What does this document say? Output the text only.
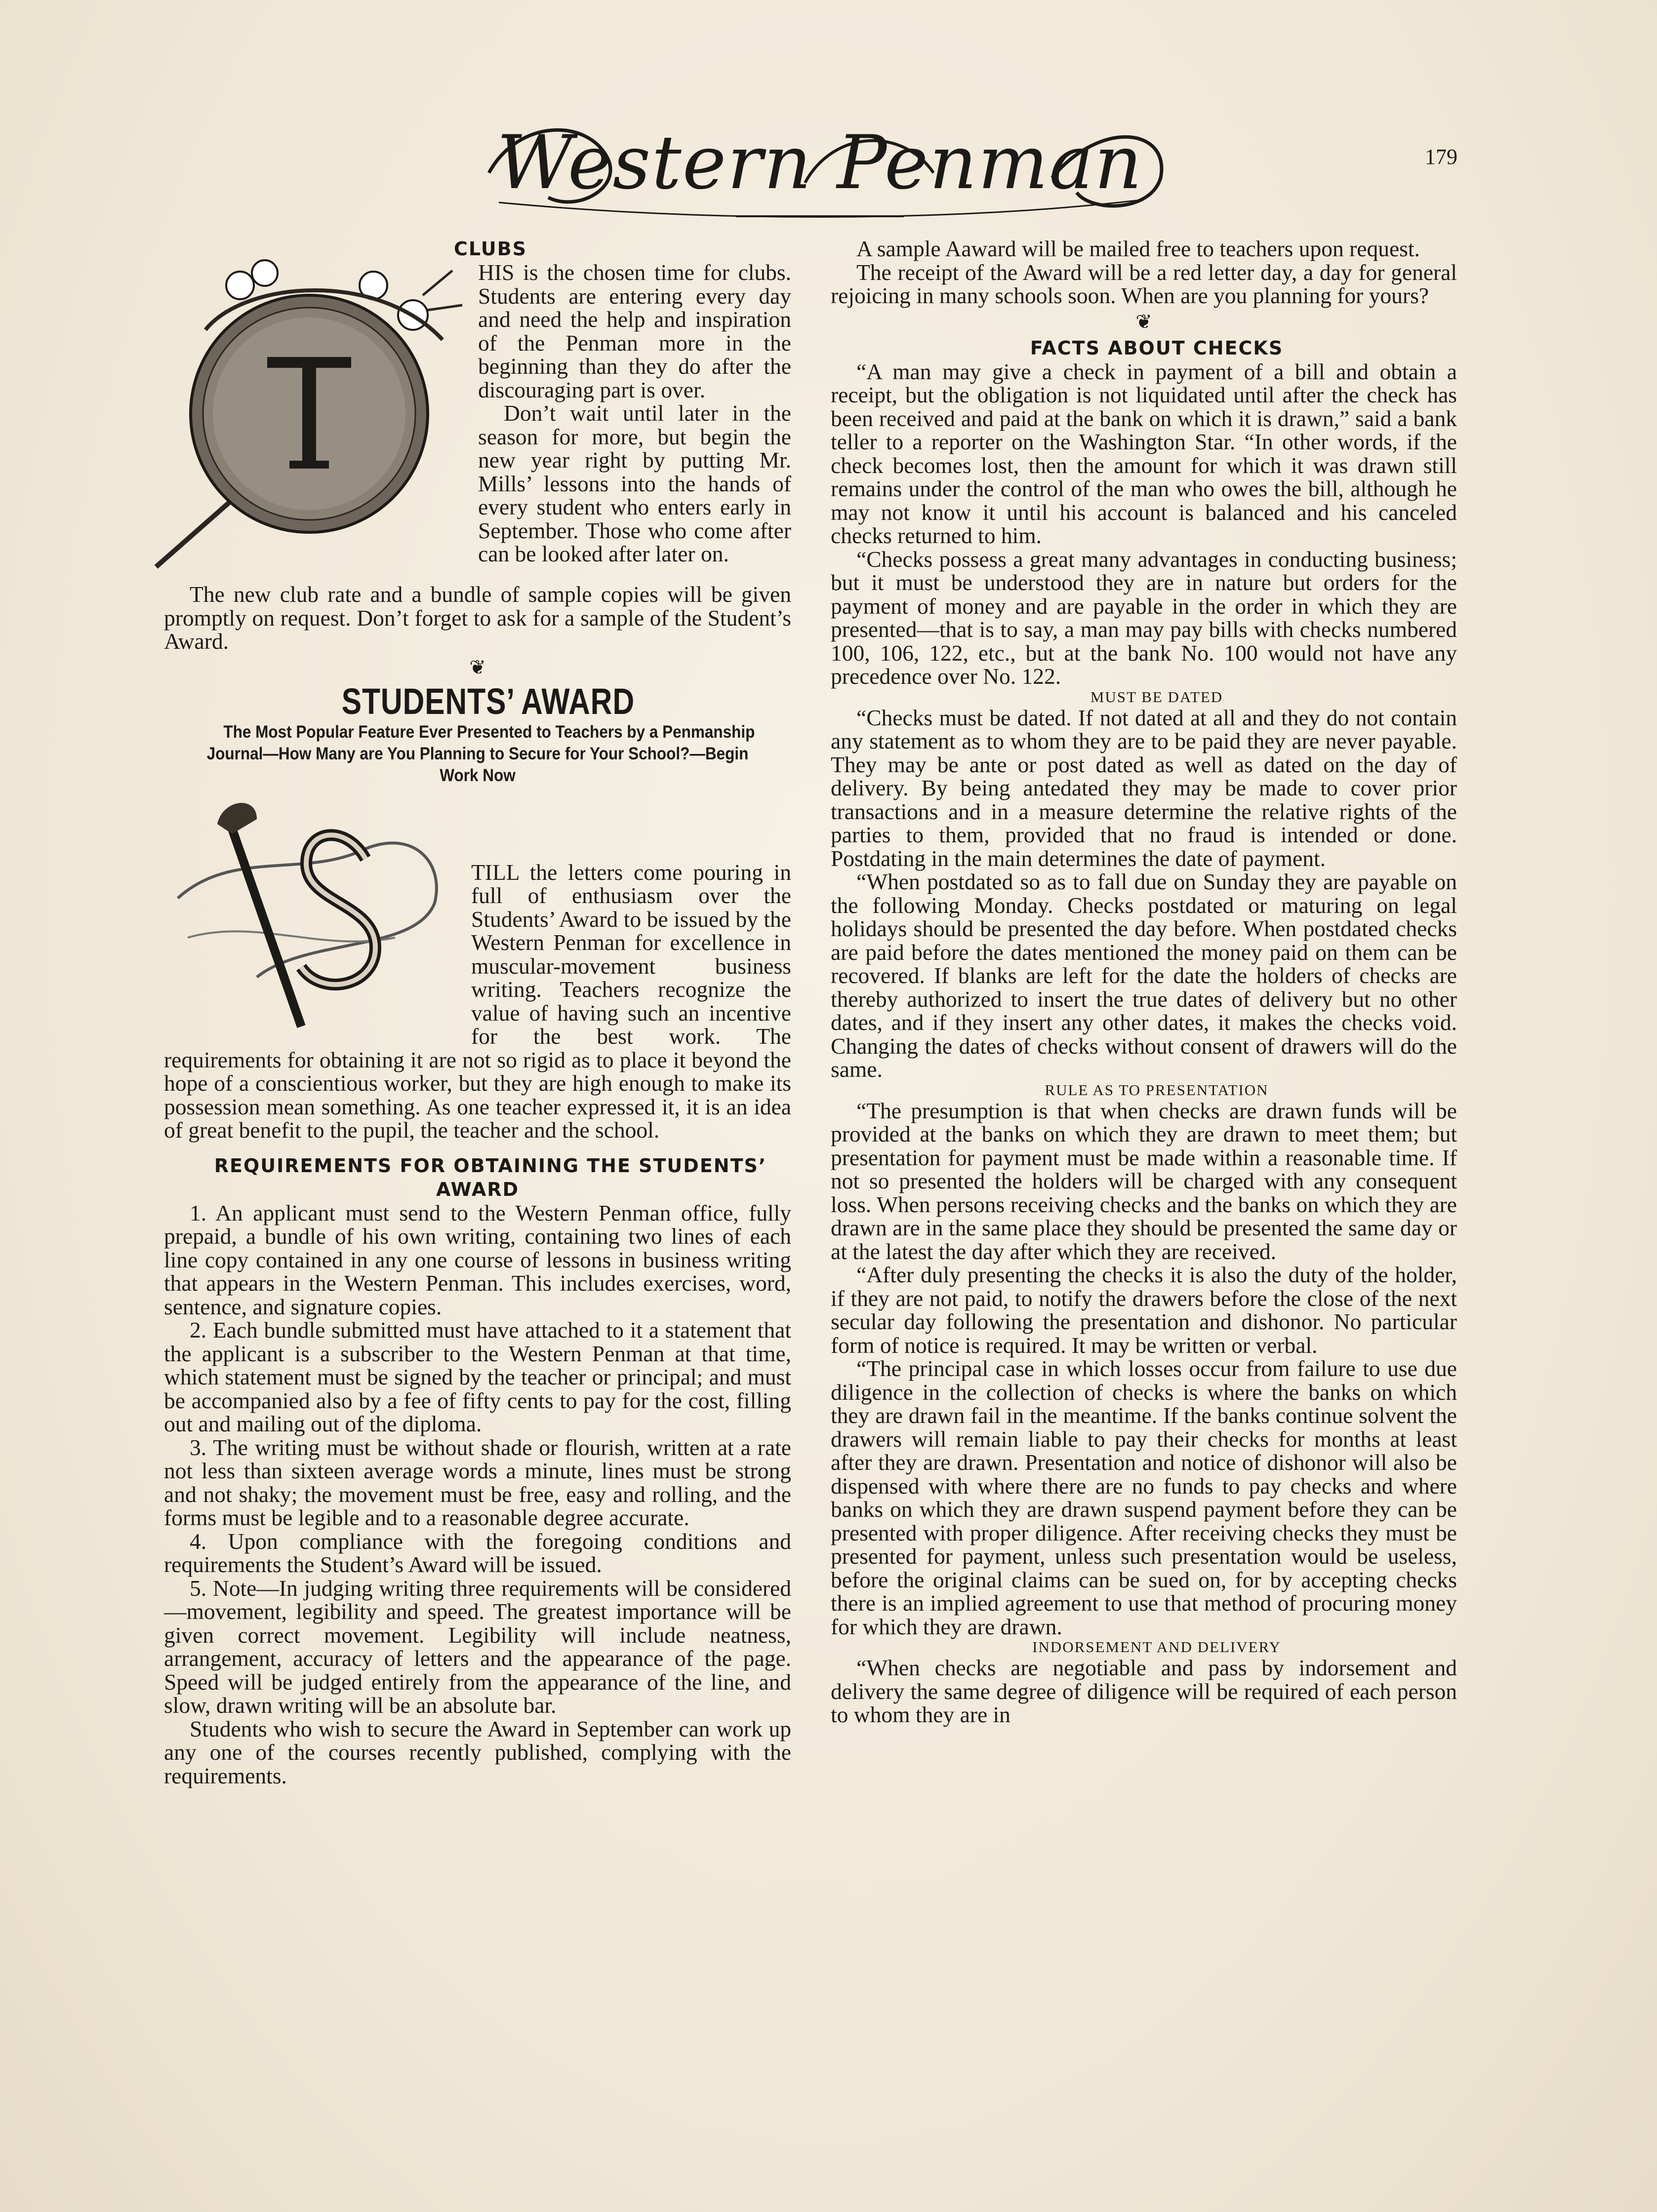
Western Penman	179

CLUBS

HIS is the chosen time for clubs. Students are entering every day and need the help and inspiration of the Penman more in the beginning than they do after the discouraging part is over.

Don’t wait until later in the season for more, but begin the new year right by putting Mr. Mills’ lessons into the hands of every student who enters early in September. Those who come after can be looked after later on.

The new club rate and a bundle of sample copies will be given promptly on request. Don’t forget to ask for a sample of the Student’s Award.

❦

STUDENTS’ AWARD

The Most Popular Feature Ever Presented to Teachers by a Penmanship Journal—How Many are You Planning to Secure for Your School?—Begin Work Now

TILL the letters come pouring in full of enthusiasm over the Students’ Award to be issued by the Western Penman for excellence in muscular-movement business writing. Teachers recognize the value of having such an incentive for the best work. The requirements for obtaining it are not so rigid as to place it beyond the hope of a conscientious worker, but they are high enough to make its possession mean something. As one teacher expressed it, it is an idea of great benefit to the pupil, the teacher and the school.

REQUIREMENTS FOR OBTAINING THE STUDENTS’ AWARD

1. An applicant must send to the Western Penman office, fully prepaid, a bundle of his own writing, containing two lines of each line copy contained in any one course of lessons in business writing that appears in the Western Penman. This includes exercises, word, sentence, and signature copies.

2. Each bundle submitted must have attached to it a statement that the applicant is a subscriber to the Western Penman at that time, which statement must be signed by the teacher or principal; and must be accompanied also by a fee of fifty cents to pay for the cost, filling out and mailing out of the diploma.

3. The writing must be without shade or flourish, written at a rate not less than sixteen average words a minute, lines must be strong and not shaky; the movement must be free, easy and rolling, and the forms must be legible and to a reasonable degree accurate.

4. Upon compliance with the foregoing conditions and requirements the Student’s Award will be issued.

5. Note—In judging writing three requirements will be considered—movement, legibility and speed. The greatest importance will be given correct movement. Legibility will include neatness, arrangement, accuracy of letters and the appearance of the page. Speed will be judged entirely from the appearance of the line, and slow, drawn writing will be an absolute bar.

Students who wish to secure the Award in September can work up any one of the courses recently published, complying with the requirements.

A sample Aaward will be mailed free to teachers upon request.

The receipt of the Award will be a red letter day, a day for general rejoicing in many schools soon. When are you planning for yours?

❦

FACTS ABOUT CHECKS

“A man may give a check in payment of a bill and obtain a receipt, but the obligation is not liquidated until after the check has been received and paid at the bank on which it is drawn,” said a bank teller to a reporter on the Washington Star. “In other words, if the check becomes lost, then the amount for which it was drawn still remains under the control of the man who owes the bill, although he may not know it until his account is balanced and his canceled checks returned to him.

“Checks possess a great many advantages in conducting business; but it must be understood they are in nature but orders for the payment of money and are payable in the order in which they are presented—that is to say, a man may pay bills with checks numbered 100, 106, 122, etc., but at the bank No. 100 would not have any precedence over No. 122.

MUST BE DATED

“Checks must be dated. If not dated at all and they do not contain any statement as to whom they are to be paid they are never payable. They may be ante or post dated as well as dated on the day of delivery. By being antedated they may be made to cover prior transactions and in a measure determine the relative rights of the parties to them, provided that no fraud is intended or done. Postdating in the main determines the date of payment.

“When postdated so as to fall due on Sunday they are payable on the following Monday. Checks postdated or maturing on legal holidays should be presented the day before. When postdated checks are paid before the dates mentioned the money paid on them can be recovered. If blanks are left for the date the holders of checks are thereby authorized to insert the true dates of delivery but no other dates, and if they insert any other dates, it makes the checks void. Changing the dates of checks without consent of drawers will do the same.

RULE AS TO PRESENTATION

“The presumption is that when checks are drawn funds will be provided at the banks on which they are drawn to meet them; but presentation for payment must be made within a reasonable time. If not so presented the holders will be charged with any consequent loss. When persons receiving checks and the banks on which they are drawn are in the same place they should be presented the same day or at the latest the day after which they are received.

“After duly presenting the checks it is also the duty of the holder, if they are not paid, to notify the drawers before the close of the next secular day following the presentation and dishonor. No particular form of notice is required. It may be written or verbal.

“The principal case in which losses occur from failure to use due diligence in the collection of checks is where the banks on which they are drawn fail in the meantime. If the banks continue solvent the drawers will remain liable to pay their checks for months at least after they are drawn. Presentation and notice of dishonor will also be dispensed with where there are no funds to pay checks and where banks on which they are drawn suspend payment before they can be presented with proper diligence. After receiving checks they must be presented for payment, unless such presentation would be useless, before the original claims can be sued on, for by accepting checks there is an implied agreement to use that method of procuring money for which they are drawn.

INDORSEMENT AND DELIVERY

“When checks are negotiable and pass by indorsement and delivery the same degree of diligence will be required of each person to whom they are in
